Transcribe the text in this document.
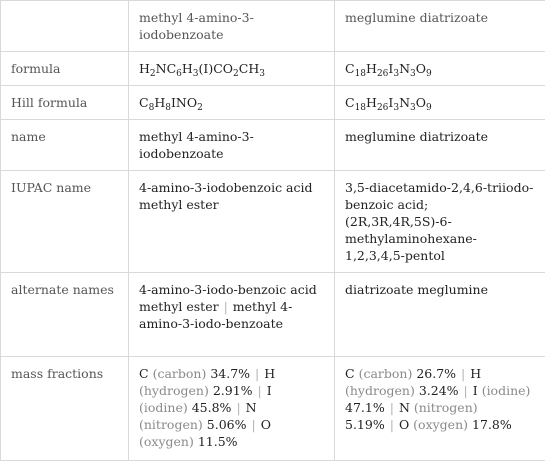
	methyl 4-amino-3-iodobenzoate	meglumine diatrizoate
formula	$H_2NC_6H_3(I)CO_2CH_3$	$C_{18}H_{26}I_3N_3O_9$
Hill formula	$C_8H_8INO_2$	$C_{18}H_{26}I_3N_3O_9$
name	methyl 4-amino-3-iodobenzoate	meglumine diatrizoate
IUPAC name	4-amino-3-iodobenzoic acid methyl ester	3,5-diacetamido-2,4,6-triiodo-benzoic acid; (2R,3R,4R,5S)-6-methylaminohexane-1,2,3,4,5-pentol
alternate names	4-amino-3-iodo-benzoic acid methyl ester | methyl 4-amino-3-iodo-benzoate	diatrizoate meglumine
mass fractions	C (carbon) 34.7% | H (hydrogen) 2.91% | I (iodine) 45.8% | N (nitrogen) 5.06% | O (oxygen) 11.5%	C (carbon) 26.7% | H (hydrogen) 3.24% | I (iodine) 47.1% | N (nitrogen) 5.19% | O (oxygen) 17.8%
